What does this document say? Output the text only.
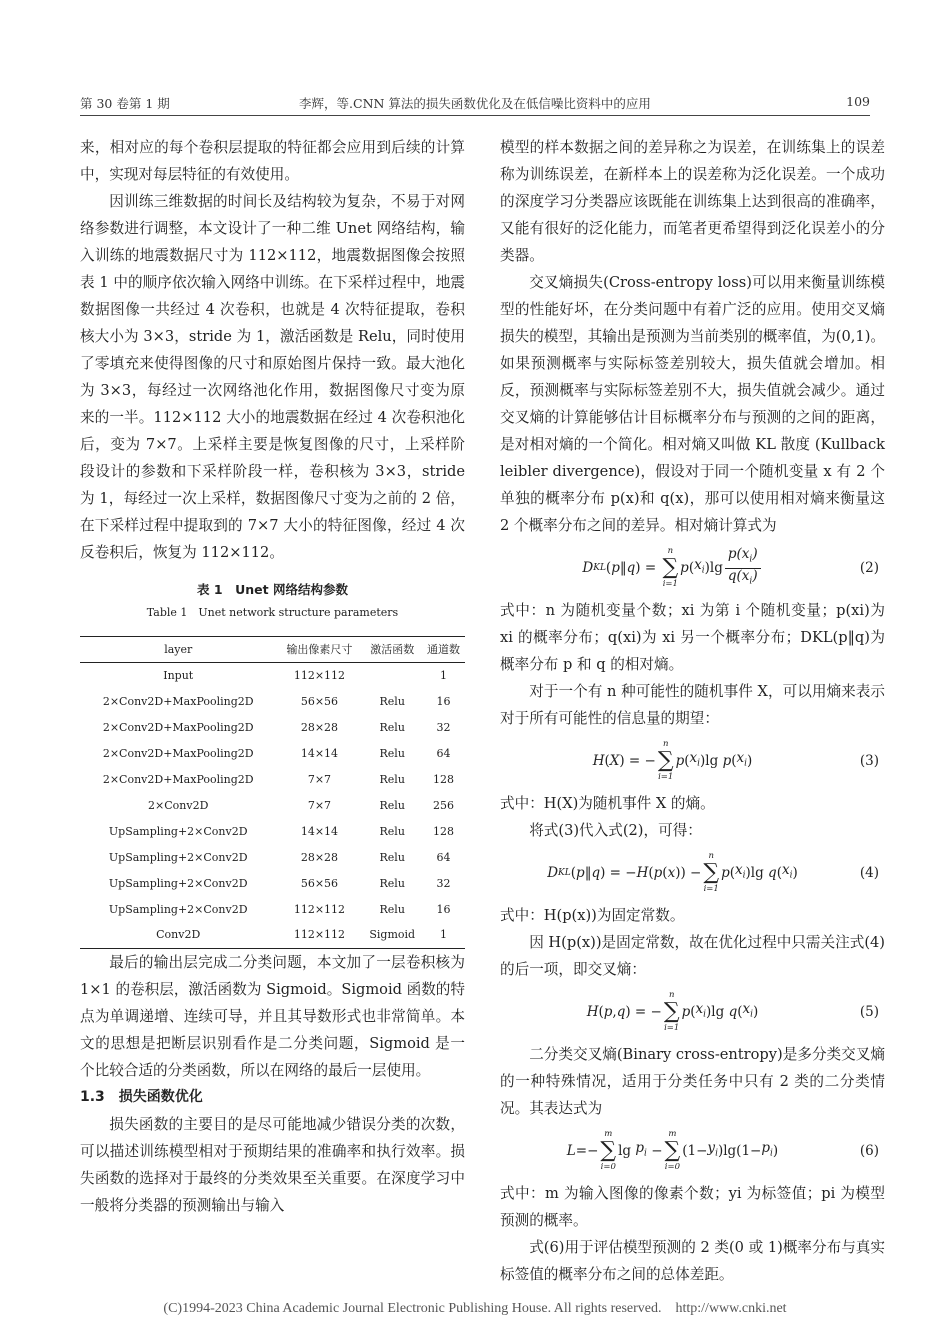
第 30 卷第 1 期	李辉，等.CNN 算法的损失函数优化及在低信噪比资料中的应用	109

来，相对应的每个卷积层提取的特征都会应用到后续的计算中，实现对每层特征的有效使用。

因训练三维数据的时间长及结构较为复杂，不易于对网络参数进行调整，本文设计了一种二维 Unet 网络结构，输入训练的地震数据尺寸为 112×112，地震数据图像会按照表 1 中的顺序依次输入网络中训练。在下采样过程中，地震数据图像一共经过 4 次卷积，也就是 4 次特征提取，卷积核大小为 3×3，stride 为 1，激活函数是 Relu，同时使用了零填充来使得图像的尺寸和原始图片保持一致。最大池化为 3×3，每经过一次网络池化作用，数据图像尺寸变为原来的一半。112×112 大小的地震数据在经过 4 次卷积池化后，变为 7×7。上采样主要是恢复图像的尺寸，上采样阶段设计的参数和下采样阶段一样，卷积核为 3×3，stride 为 1，每经过一次上采样，数据图像尺寸变为之前的 2 倍，在下采样过程中提取到的 7×7 大小的特征图像，经过 4 次反卷积后，恢复为 112×112。

表 1　Unet 网络结构参数
Table 1　Unet network structure parameters
layer	输出像素尺寸	激活函数	通道数
Input	112×112		1
2×Conv2D+MaxPooling2D	56×56	Relu	16
2×Conv2D+MaxPooling2D	28×28	Relu	32
2×Conv2D+MaxPooling2D	14×14	Relu	64
2×Conv2D+MaxPooling2D	7×7	Relu	128
2×Conv2D	7×7	Relu	256
UpSampling+2×Conv2D	14×14	Relu	128
UpSampling+2×Conv2D	28×28	Relu	64
UpSampling+2×Conv2D	56×56	Relu	32
UpSampling+2×Conv2D	112×112	Relu	16
Conv2D	112×112	Sigmoid	1

最后的输出层完成二分类问题，本文加了一层卷积核为 1×1 的卷积层，激活函数为 Sigmoid。Sigmoid 函数的特点为单调递增、连续可导，并且其导数形式也非常简单。本文的思想是把断层识别看作是二分类问题，Sigmoid 是一个比较合适的分类函数，所以在网络的最后一层使用。

1.3　损失函数优化

损失函数的主要目的是尽可能地减少错误分类的次数，可以描述训练模型相对于预期结果的准确率和执行效率。损失函数的选择对于最终的分类效果至关重要。在深度学习中一般将分类器的预测输出与输入

模型的样本数据之间的差异称之为误差，在训练集上的误差称为训练误差，在新样本上的误差称为泛化误差。一个成功的深度学习分类器应该既能在训练集上达到很高的准确率，又能有很好的泛化能力，而笔者更希望得到泛化误差小的分类器。

交叉熵损失(Cross-entropy loss)可以用来衡量训练模型的性能好坏，在分类问题中有着广泛的应用。使用交叉熵损失的模型，其输出是预测为当前类别的概率值，为(0,1)。如果预测概率与实际标签差别较大，损失值就会增加。相反，预测概率与实际标签差别不大，损失值就会减少。通过交叉熵的计算能够估计目标概率分布与预测的之间的距离，是对相对熵的一个简化。相对熵又叫做 KL 散度 (Kullback leibler divergence)，假设对于同一个随机变量 x 有 2 个单独的概率分布 p(x)和 q(x)，那可以使用相对熵来衡量这 2 个概率分布之间的差异。相对熵计算式为

D KL ( p ‖ q ) =
n
∑
i=1
p ( $x_i$ )$\lg \frac{p(x_i)}{q(x_i)}$	(2)

式中：n 为随机变量个数；xi 为第 i 个随机变量；p(xi)为 xi 的概率分布；q(xi)为 xi 另一个概率分布；DKL(p‖q)为概率分布 p 和 q 的相对熵。

对于一个有 n 种可能性的随机事件 X，可以用熵来表示对于所有可能性的信息量的期望：

H ( X ) = −
n
∑
i=1
p ( $x_i$ )lg p ( $x_i$ )	(3)

式中：H(X)为随机事件 X 的熵。

将式(3)代入式(2)，可得：

D KL ( p ‖ q ) = − H ( p ( x )) −
n
∑
i=1
p ( $x_i$ )lg q ( $x_i$ )	(4)

式中：H(p(x))为固定常数。

因 H(p(x))是固定常数，故在优化过程中只需关注式(4)的后一项，即交叉熵：

H ( p , q ) = −
n
∑
i=1
p ( $x_i$ )lg q ( $x_i$ )	(5)

二分类交叉熵(Binary cross-entropy)是多分类交叉熵的一种特殊情况，适用于分类任务中只有 2 类的二分类情况。其表达式为

L =−
m
∑
i=0
$\lg p_i$ −
m
∑
i=0
($1- y_i$ )$\lg(1- p_i$ )	(6)

式中：m 为输入图像的像素个数；yi 为标签值；pi 为模型预测的概率。

式(6)用于评估模型预测的 2 类(0 或 1)概率分布与真实标签值的概率分布之间的总体差距。

(C)1994-2023 China Academic Journal Electronic Publishing House. All rights reserved.　http://www.cnki.net
